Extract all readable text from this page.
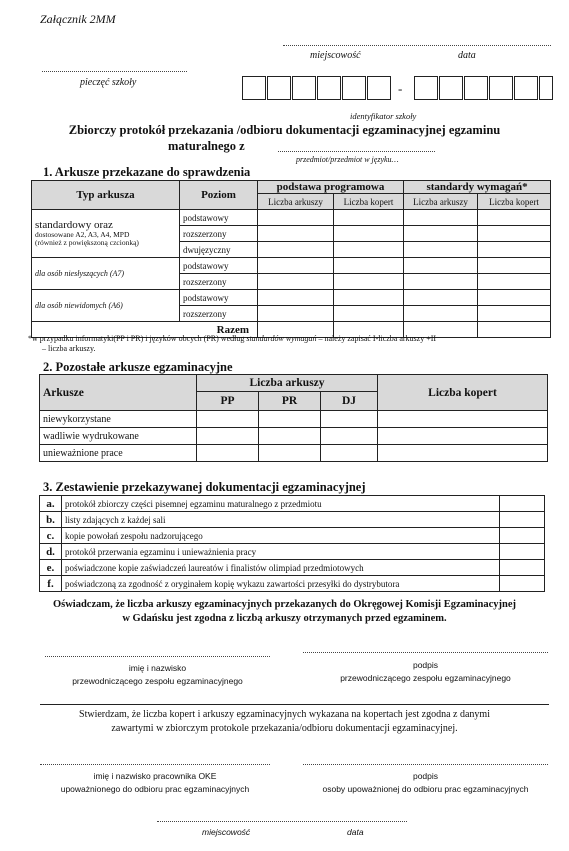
Załącznik 2MM
miejscowość	data
pieczęć szkoły	-
identyfikator szkoły
Zbiorczy protokół przekazania /odbioru dokumentacji egzaminacyjnej egzaminu
maturalnego z
przedmiot/przedmiot w języku…
1. Arkusze przekazane do sprawdzenia
Typ arkusza	Poziom	podstawa programowa		standardy wymagań*	
		Liczba arkuszy	Liczba kopert	Liczba arkuszy	Liczba kopert

standardowy oraz
dostosowane A2, A3, A4, MPD
(również z powiększoną czcionką)	podstawowy				
	rozszerzony				
	dwujęzyczny				
dla osób niesłyszących (A7)	podstawowy				
	rozszerzony				
dla osób niewidomych (A6)	podstawowy				
	rozszerzony				
Razem					
*w przypadku informatyki(PP i PR) i języków obcych (PR) według standardów wymagań – należy zapisać I-liczba arkuszy +II
– liczba arkuszy.
2. Pozostałe arkusze egzaminacyjne
Arkusze	Liczba arkuszy			Liczba kopert
	PP	PR	DJ	
niewykorzystane				
wadliwie wydrukowane				
unieważnione prace				
3. Zestawienie przekazywanej dokumentacji egzaminacyjnej
a.	protokół zbiorczy części pisemnej egzaminu maturalnego z przedmiotu	
b.	listy zdających z każdej sali	
c.	kopie powołań zespołu nadzorującego	
d.	protokół przerwania egzaminu i unieważnienia pracy	
e.	poświadczone kopie zaświadczeń laureatów i finalistów olimpiad przedmiotowych	
f.	poświadczoną za zgodność z oryginałem kopię wykazu zawartości przesyłki do dystrybutora	
Oświadczam, że liczba arkuszy egzaminacyjnych przekazanych do Okręgowej Komisji Egzaminacyjnej
w Gdańsku jest zgodna z liczbą arkuszy otrzymanych przed egzaminem.
imię i nazwisko
przewodniczącego zespołu egzaminacyjnego
podpis
przewodniczącego zespołu egzaminacyjnego
Stwierdzam, że liczba kopert i arkuszy egzaminacyjnych wykazana na kopertach jest zgodna z danymi
zawartymi w zbiorczym protokole przekazania/odbioru dokumentacji egzaminacyjnej.
imię i nazwisko pracownika OKE
upoważnionego do odbioru prac egzaminacyjnych
podpis
osoby upoważnionej do odbioru prac egzaminacyjnych
miejscowość	data
